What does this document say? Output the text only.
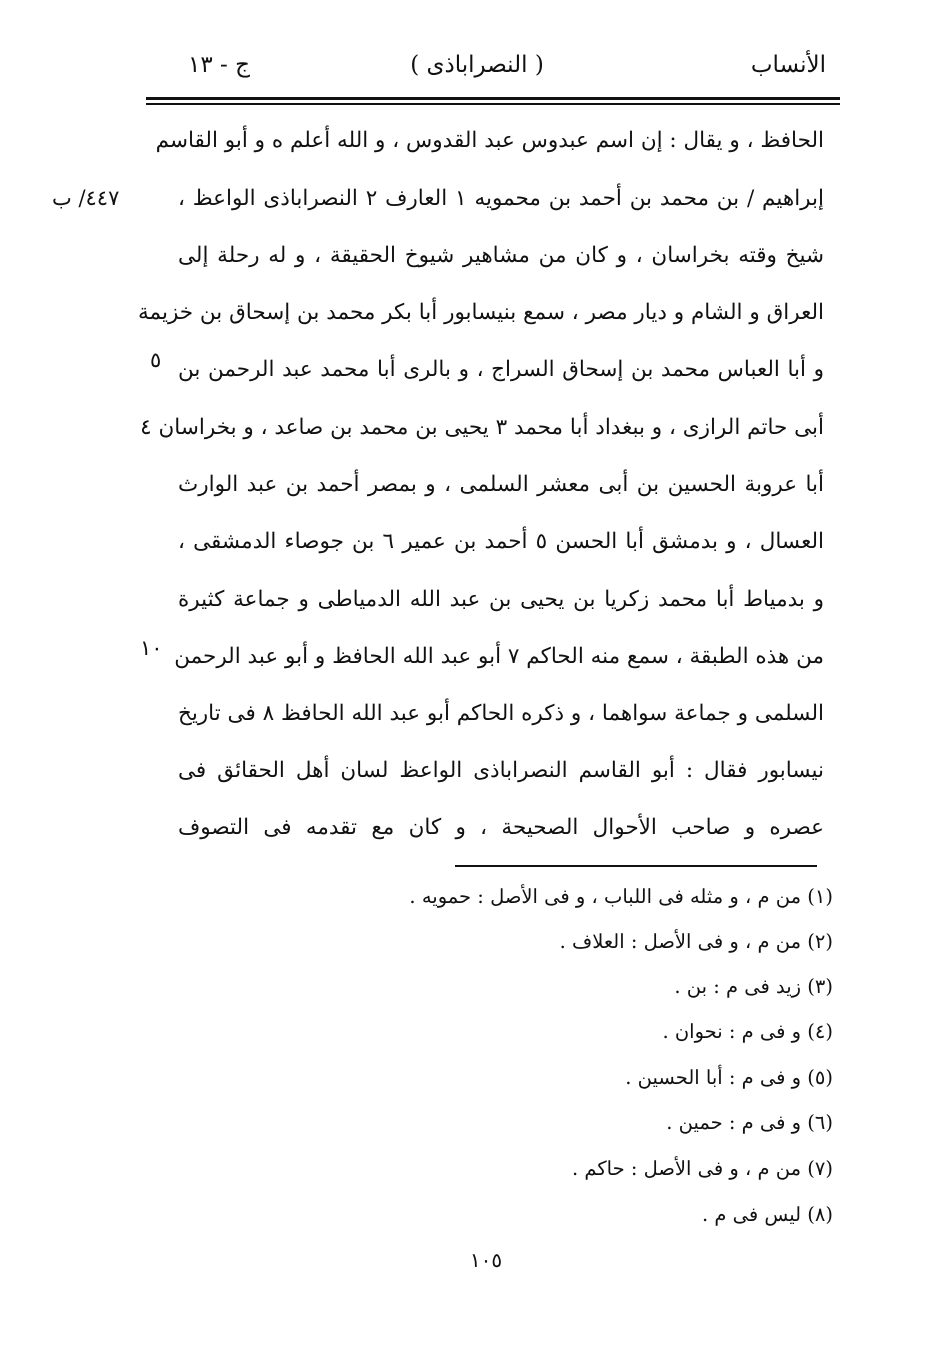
الأنساب
( النصراباذى )
ج - ١٣
٤٤٧/ ب
٥
١٠
الحافظ ، و يقال : إن اسم عبدوس عبد القدوس ، و الله أعلم ه و أبو القاسم
إبراهيم / بن محمد بن أحمد بن محمويه ١ العارف ٢ النصراباذى الواعظ ،
شيخ وقته بخراسان ، و كان من مشاهير شيوخ الحقيقة ، و له رحلة إلى
العراق و الشام و ديار مصر ، سمع بنيسابور أبا بكر محمد بن إسحاق بن خزيمة
و أبا العباس محمد بن إسحاق السراج ، و بالرى أبا محمد عبد الرحمن بن
أبى حاتم الرازى ، و ببغداد أبا محمد ٣ يحيى بن محمد بن صاعد ، و بخراسان ٤
أبا عروبة الحسين بن أبى معشر السلمى ، و بمصر أحمد بن عبد الوارث
العسال ، و بدمشق أبا الحسن ٥ أحمد بن عمير ٦ بن جوصاء الدمشقى ،
و بدمياط أبا محمد زكريا بن يحيى بن عبد الله الدمياطى و جماعة كثيرة
من هذه الطبقة ، سمع منه الحاكم ٧ أبو عبد الله الحافظ و أبو عبد الرحمن
السلمى و جماعة سواهما ، و ذكره الحاكم أبو عبد الله الحافظ ٨ فى تاريخ
نيسابور فقال : أبو القاسم النصراباذى الواعظ لسان أهل الحقائق فى
عصره و صاحب الأحوال الصحيحة ، و كان مع تقدمه فى التصوف
(١) من م ، و مثله فى اللباب ، و فى الأصل : حمويه .
(٢) من م ، و فى الأصل : العلاف .
(٣) زيد فى م : بن .
(٤) و فى م : نحوان .
(٥) و فى م : أبا الحسين .
(٦) و فى م : حمين .
(٧) من م ، و فى الأصل : حاكم .
(٨) ليس فى م .
١٠٥
